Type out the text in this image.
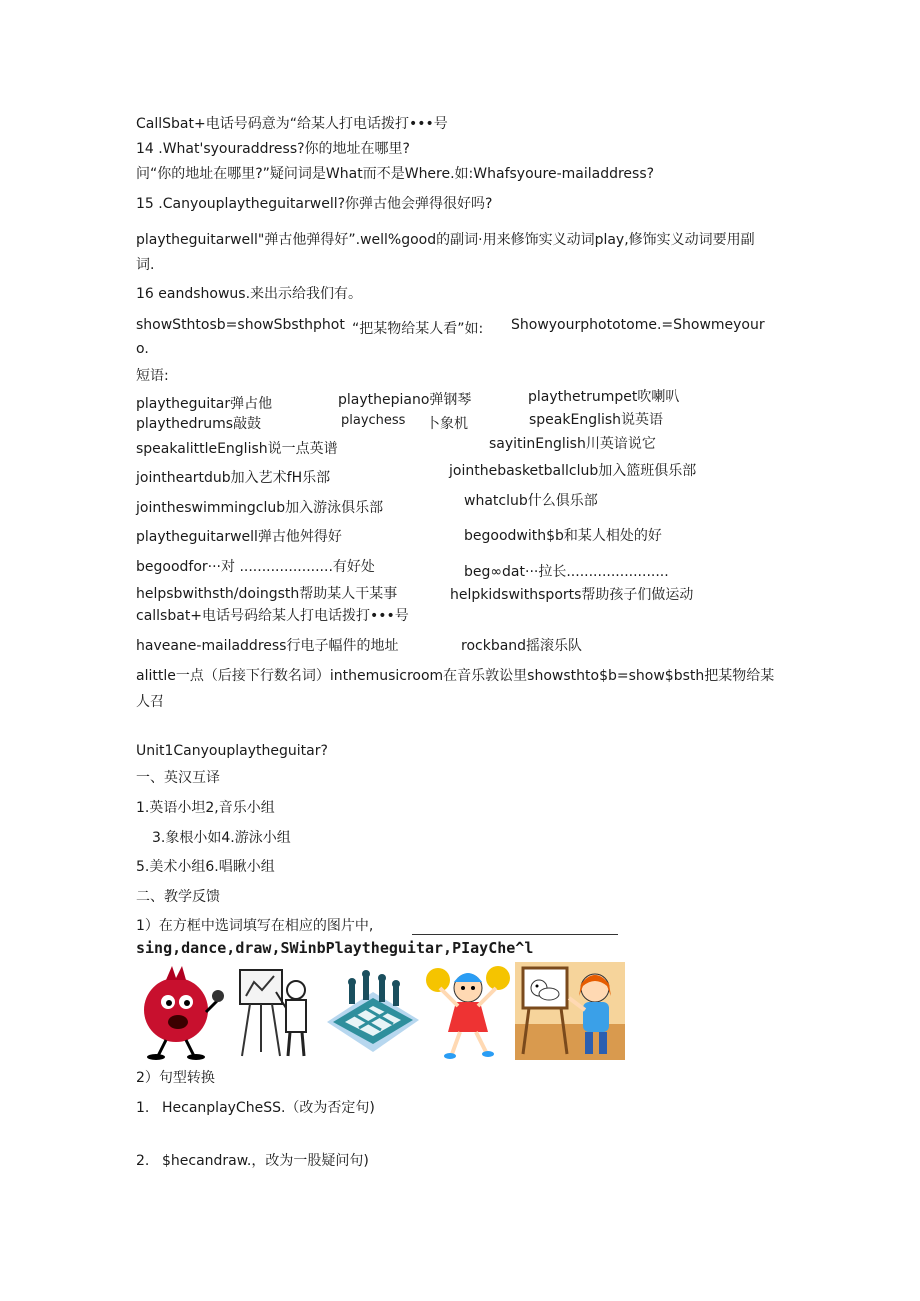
CallSbat+电话号码意为“给某人打电话拨打•••号
14 .What'syouraddress?你的地址在哪里?
问“你的地址在哪里?”疑问词是What而不是Where.如:Whafsyoure-mailaddress?
15 .Canyouplaytheguitarwell?你弹古他会弹得很好吗?
playtheguitarwell"弹古他弹得好”.well%good的副词·用来修饰实义动词play,修饰实义动词要用副
词.
16 eandshowus.来出示给我们有。
showSthtosb=showSbsthphot “把某物给某人看”如: Showyourphototome.=Showmeyour
o.
短语:
playtheguitar弹占他	playthepiano弹钢琴	playthetrumpet吹喇叭
playchess 卜象机	speakEnglish说英语
playthedrums敲鼓
speakalittleEnglish说一点英谱	sayitinEnglish川英谙说它
jointheartdub加入艺术fH乐部	jointhebasketballclub加入篮班俱乐部
jointheswimmingclub加入游泳俱乐部	whatclub什么俱乐部
playtheguitarwell弹古他舛得好	begoodwith$b和某人相处的好
begoodfor···对 .....................有好处	beg∞dat···拉长.......................
helpsbwithsth/doingsth帮助某人干某事	helpkidswithsports帮助孩子们做运动
callsbat+电话号码给某人打电话拨打•••号
haveane-mailaddress行电子幅件的地址	rockband摇滚乐队
alittle一点（后接下行数名词）inthemusicroom在音乐敦讼里showsthto$b=show$bsth把某物给某
人召
Unit1Canyouplaytheguitar?
一、英汉互译
1.英语小坦2,音乐小组
3.象根小如4.游泳小组
5.美术小组6.唱瞅小组
二、教学反馈
1）在方框中选词填写在相应的图片中,
sing,dance,draw,SWinbPlaytheguitar,PIayChe^l
2）句型转换
1. HecanplayCheSS.（改为否定句)
2. $hecandraw.，改为一股疑问句)
